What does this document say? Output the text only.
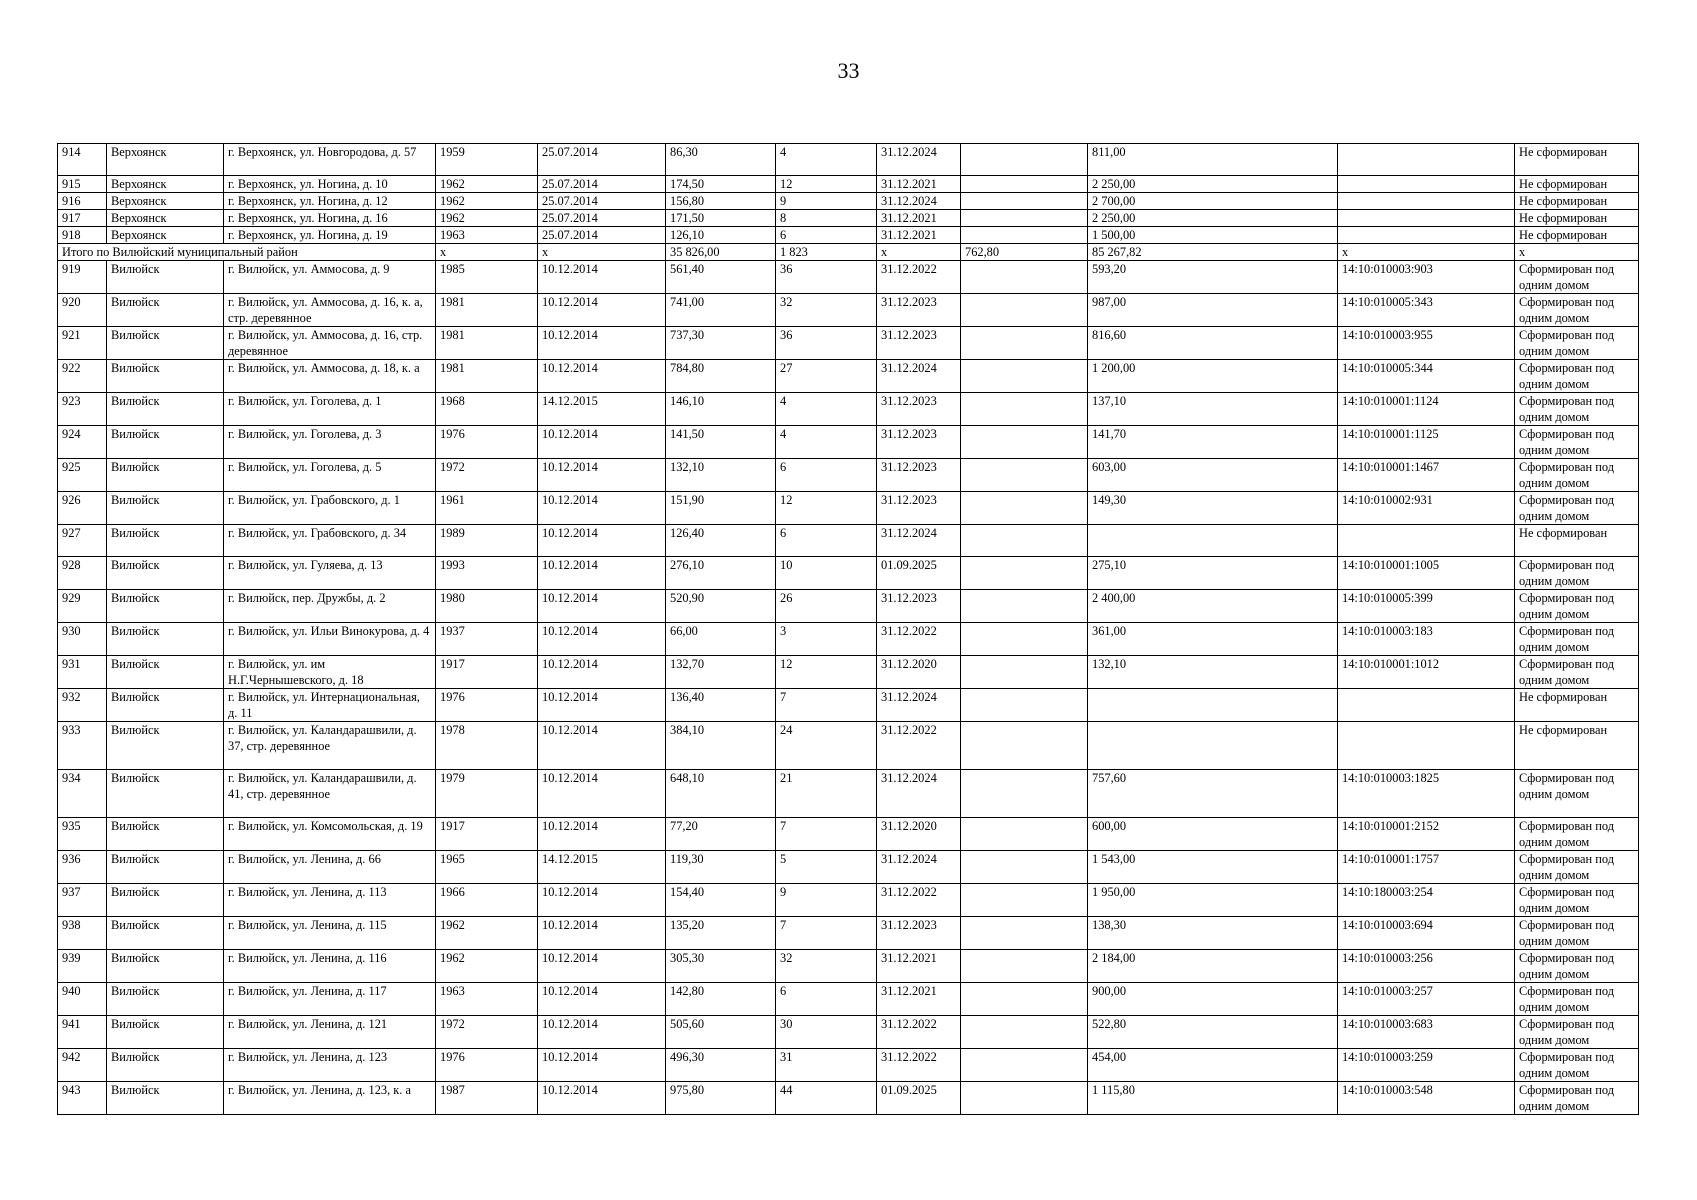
33
914	Верхоянск	г. Верхоянск, ул. Новгородова, д. 57	1959	25.07.2014	86,30	4	31.12.2024		811,00		Не сформирован
915	Верхоянск	г. Верхоянск, ул. Ногина, д. 10	1962	25.07.2014	174,50	12	31.12.2021		2 250,00		Не сформирован
916	Верхоянск	г. Верхоянск, ул. Ногина, д. 12	1962	25.07.2014	156,80	9	31.12.2024		2 700,00		Не сформирован
917	Верхоянск	г. Верхоянск, ул. Ногина, д. 16	1962	25.07.2014	171,50	8	31.12.2021		2 250,00		Не сформирован
918	Верхоянск	г. Верхоянск, ул. Ногина, д. 19	1963	25.07.2014	126,10	6	31.12.2021		1 500,00		Не сформирован
Итого по Вилюйский муниципальный район			x	x	35 826,00	1 823	x	762,80	85 267,82	x	x
919	Вилюйск	г. Вилюйск, ул. Аммосова, д. 9	1985	10.12.2014	561,40	36	31.12.2022		593,20	14:10:010003:903	Сформирован под одним домом
920	Вилюйск	г. Вилюйск, ул. Аммосова, д. 16, к. а, стр. деревянное	1981	10.12.2014	741,00	32	31.12.2023		987,00	14:10:010005:343	Сформирован под одним домом
921	Вилюйск	г. Вилюйск, ул. Аммосова, д. 16, стр. деревянное	1981	10.12.2014	737,30	36	31.12.2023		816,60	14:10:010003:955	Сформирован под одним домом
922	Вилюйск	г. Вилюйск, ул. Аммосова, д. 18, к. а	1981	10.12.2014	784,80	27	31.12.2024		1 200,00	14:10:010005:344	Сформирован под одним домом
923	Вилюйск	г. Вилюйск, ул. Гоголева, д. 1	1968	14.12.2015	146,10	4	31.12.2023		137,10	14:10:010001:1124	Сформирован под одним домом
924	Вилюйск	г. Вилюйск, ул. Гоголева, д. 3	1976	10.12.2014	141,50	4	31.12.2023		141,70	14:10:010001:1125	Сформирован под одним домом
925	Вилюйск	г. Вилюйск, ул. Гоголева, д. 5	1972	10.12.2014	132,10	6	31.12.2023		603,00	14:10:010001:1467	Сформирован под одним домом
926	Вилюйск	г. Вилюйск, ул. Грабовского, д. 1	1961	10.12.2014	151,90	12	31.12.2023		149,30	14:10:010002:931	Сформирован под одним домом
927	Вилюйск	г. Вилюйск, ул. Грабовского, д. 34	1989	10.12.2014	126,40	6	31.12.2024				Не сформирован
928	Вилюйск	г. Вилюйск, ул. Гуляева, д. 13	1993	10.12.2014	276,10	10	01.09.2025		275,10	14:10:010001:1005	Сформирован под одним домом
929	Вилюйск	г. Вилюйск, пер. Дружбы, д. 2	1980	10.12.2014	520,90	26	31.12.2023		2 400,00	14:10:010005:399	Сформирован под одним домом
930	Вилюйск	г. Вилюйск, ул. Ильи Винокурова, д. 4	1937	10.12.2014	66,00	3	31.12.2022		361,00	14:10:010003:183	Сформирован под одним домом
931	Вилюйск	г. Вилюйск, ул. им Н.Г.Чернышевского, д. 18	1917	10.12.2014	132,70	12	31.12.2020		132,10	14:10:010001:1012	Сформирован под одним домом
932	Вилюйск	г. Вилюйск, ул. Интернациональная, д. 11	1976	10.12.2014	136,40	7	31.12.2024				Не сформирован
933	Вилюйск	г. Вилюйск, ул. Каландарашвили, д. 37, стр. деревянное	1978	10.12.2014	384,10	24	31.12.2022				Не сформирован
934	Вилюйск	г. Вилюйск, ул. Каландарашвили, д. 41, стр. деревянное	1979	10.12.2014	648,10	21	31.12.2024		757,60	14:10:010003:1825	Сформирован под одним домом
935	Вилюйск	г. Вилюйск, ул. Комсомольская, д. 19	1917	10.12.2014	77,20	7	31.12.2020		600,00	14:10:010001:2152	Сформирован под одним домом
936	Вилюйск	г. Вилюйск, ул. Ленина, д. 66	1965	14.12.2015	119,30	5	31.12.2024		1 543,00	14:10:010001:1757	Сформирован под одним домом
937	Вилюйск	г. Вилюйск, ул. Ленина, д. 113	1966	10.12.2014	154,40	9	31.12.2022		1 950,00	14:10:180003:254	Сформирован под одним домом
938	Вилюйск	г. Вилюйск, ул. Ленина, д. 115	1962	10.12.2014	135,20	7	31.12.2023		138,30	14:10:010003:694	Сформирован под одним домом
939	Вилюйск	г. Вилюйск, ул. Ленина, д. 116	1962	10.12.2014	305,30	32	31.12.2021		2 184,00	14:10:010003:256	Сформирован под одним домом
940	Вилюйск	г. Вилюйск, ул. Ленина, д. 117	1963	10.12.2014	142,80	6	31.12.2021		900,00	14:10:010003:257	Сформирован под одним домом
941	Вилюйск	г. Вилюйск, ул. Ленина, д. 121	1972	10.12.2014	505,60	30	31.12.2022		522,80	14:10:010003:683	Сформирован под одним домом
942	Вилюйск	г. Вилюйск, ул. Ленина, д. 123	1976	10.12.2014	496,30	31	31.12.2022		454,00	14:10:010003:259	Сформирован под одним домом
943	Вилюйск	г. Вилюйск, ул. Ленина, д. 123, к. а	1987	10.12.2014	975,80	44	01.09.2025		1 115,80	14:10:010003:548	Сформирован под одним домом
